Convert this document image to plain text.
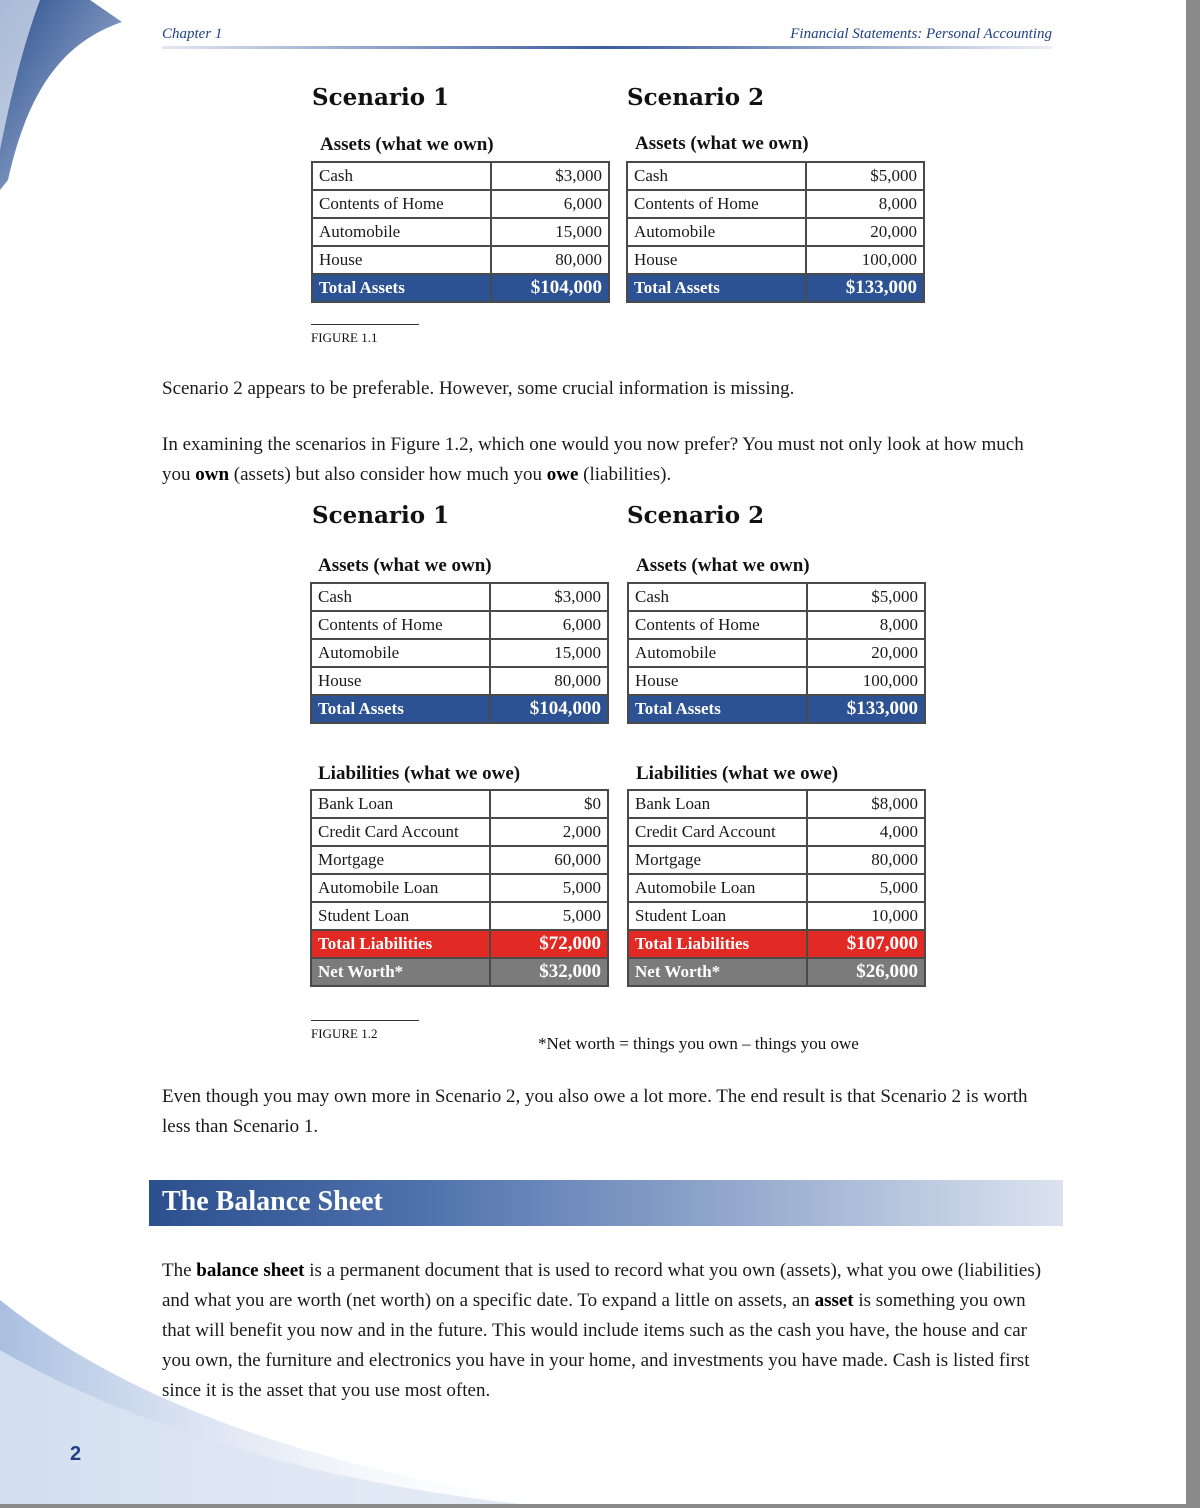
Chapter 1	Financial Statements: Personal Accounting
Scenario 1	Scenario 2
Assets (what we own)	Assets (what we own)
Cash	$3,000
Contents of Home	6,000
Automobile	15,000
House	80,000
Total Assets	$104,000
Cash	$5,000
Contents of Home	8,000
Automobile	20,000
House	100,000
Total Assets	$133,000
FIGURE 1.1
Scenario 2 appears to be preferable. However, some crucial information is missing.
In examining the scenarios in Figure 1.2, which one would you now prefer? You must not only look at how much you own (assets) but also consider how much you owe (liabilities).
Scenario 1	Scenario 2
Assets (what we own)	Assets (what we own)
Cash	$3,000
Contents of Home	6,000
Automobile	15,000
House	80,000
Total Assets	$104,000
Cash	$5,000
Contents of Home	8,000
Automobile	20,000
House	100,000
Total Assets	$133,000
Liabilities (what we owe)	Liabilities (what we owe)
Bank Loan	$0
Credit Card Account	2,000
Mortgage	60,000
Automobile Loan	5,000
Student Loan	5,000
Total Liabilities	$72,000
Net Worth*	$32,000
Bank Loan	$8,000
Credit Card Account	4,000
Mortgage	80,000
Automobile Loan	5,000
Student Loan	10,000
Total Liabilities	$107,000
Net Worth*	$26,000
FIGURE 1.2
*Net worth = things you own – things you owe
Even though you may own more in Scenario 2, you also owe a lot more. The end result is that Scenario 2 is worth less than Scenario 1.
The Balance Sheet
The balance sheet is a permanent document that is used to record what you own (assets), what you owe (liabilities) and what you are worth (net worth) on a specific date. To expand a little on assets, an asset is something you own that will benefit you now and in the future. This would include items such as the cash you have, the house and car you own, the furniture and electronics you have in your home, and investments you have made. Cash is listed first since it is the asset that you use most often.
2
